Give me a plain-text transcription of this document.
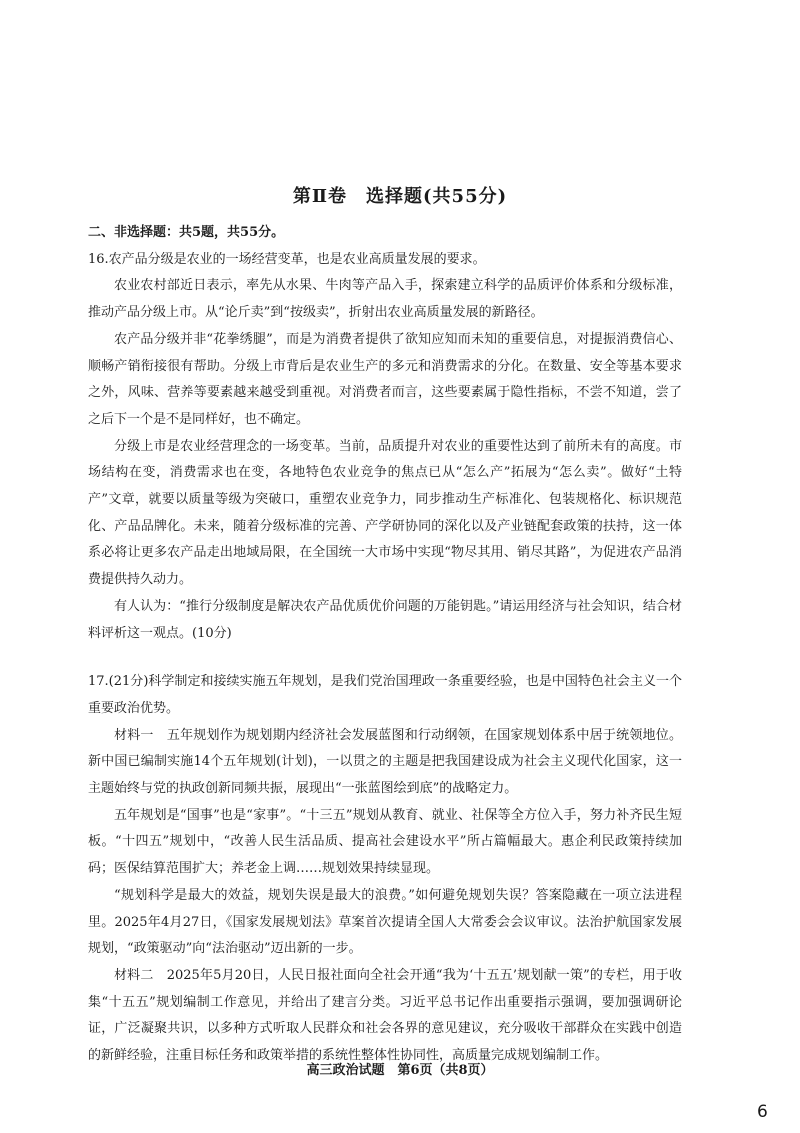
第Ⅱ卷　选择题(共55分)

二、非选择题：共5题，共55分。

16.农产品分级是农业的一场经营变革，也是农业高质量发展的要求。

农业农村部近日表示，率先从水果、牛肉等产品入手，探索建立科学的品质评价体系和分级标准，推动产品分级上市。从“论斤卖”到“按级卖”，折射出农业高质量发展的新路径。

农产品分级并非“花拳绣腿”，而是为消费者提供了欲知应知而未知的重要信息，对提振消费信心、顺畅产销衔接很有帮助。分级上市背后是农业生产的多元和消费需求的分化。在数量、安全等基本要求之外，风味、营养等要素越来越受到重视。对消费者而言，这些要素属于隐性指标，不尝不知道，尝了之后下一个是不是同样好，也不确定。

分级上市是农业经营理念的一场变革。当前，品质提升对农业的重要性达到了前所未有的高度。市场结构在变，消费需求也在变，各地特色农业竞争的焦点已从“怎么产”拓展为“怎么卖”。做好“土特产”文章，就要以质量等级为突破口，重塑农业竞争力，同步推动生产标准化、包装规格化、标识规范化、产品品牌化。未来，随着分级标准的完善、产学研协同的深化以及产业链配套政策的扶持，这一体系必将让更多农产品走出地域局限，在全国统一大市场中实现“物尽其用、销尽其路”，为促进农产品消费提供持久动力。

有人认为：“推行分级制度是解决农产品优质优价问题的万能钥匙。”请运用经济与社会知识，结合材料评析这一观点。(10分)

17.(21分)科学制定和接续实施五年规划，是我们党治国理政一条重要经验，也是中国特色社会主义一个重要政治优势。

材料一　五年规划作为规划期内经济社会发展蓝图和行动纲领，在国家规划体系中居于统领地位。新中国已编制实施14个五年规划(计划)，一以贯之的主题是把我国建设成为社会主义现代化国家，这一主题始终与党的执政创新同频共振，展现出“一张蓝图绘到底”的战略定力。

五年规划是“国事”也是“家事”。“十三五”规划从教育、就业、社保等全方位入手，努力补齐民生短板。“十四五”规划中，“改善人民生活品质、提高社会建设水平”所占篇幅最大。惠企利民政策持续加码；医保结算范围扩大；养老金上调……规划效果持续显现。

“规划科学是最大的效益，规划失误是最大的浪费。”如何避免规划失误？答案隐藏在一项立法进程里。2025年4月27日，《国家发展规划法》草案首次提请全国人大常委会会议审议。法治护航国家发展规划，“政策驱动”向“法治驱动”迈出新的一步。

材料二　2025年5月20日，人民日报社面向全社会开通“我为‘十五五’规划献一策”的专栏，用于收集“十五五”规划编制工作意见，并给出了建言分类。习近平总书记作出重要指示强调，要加强调研论证，广泛凝聚共识，以多种方式听取人民群众和社会各界的意见建议，充分吸收干部群众在实践中创造的新鲜经验，注重目标任务和政策举措的系统性整体性协同性，高质量完成规划编制工作。

高三政治试题　第6页（共8页）
6
